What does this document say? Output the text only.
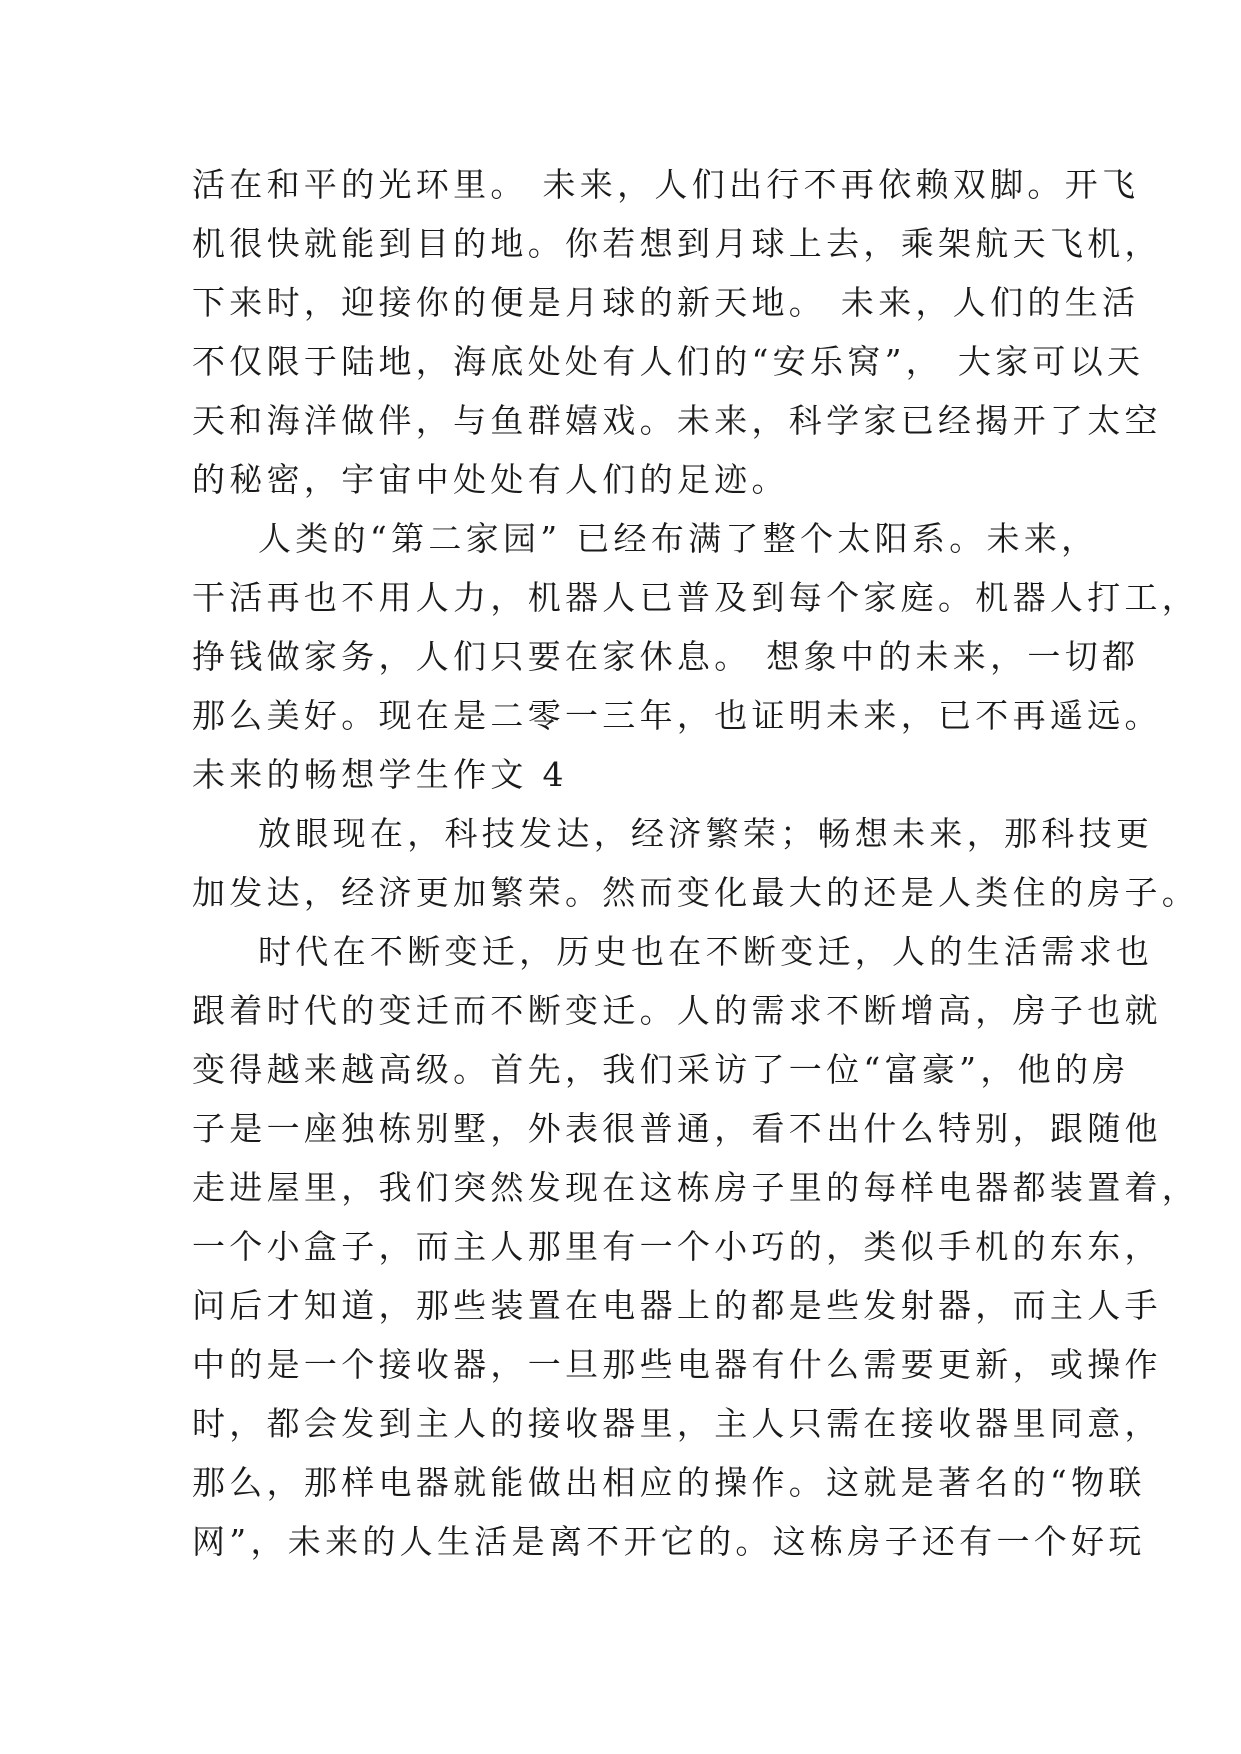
活在和平的光环里。 未来，人们出行不再依赖双脚。开飞
机很快就能到目的地。你若想到月球上去，乘架航天飞机，
下来时，迎接你的便是月球的新天地。 未来，人们的生活
不仅限于陆地，海底处处有人们的“安乐窝”， 大家可以天
天和海洋做伴，与鱼群嬉戏。未来，科学家已经揭开了太空
的秘密，宇宙中处处有人们的足迹。
人类的“第二家园” 已经布满了整个太阳系。未来，
干活再也不用人力，机器人已普及到每个家庭。机器人打工，
挣钱做家务，人们只要在家休息。 想象中的未来，一切都
那么美好。现在是二零一三年，也证明未来，已不再遥远。
未来的畅想学生作文 4
放眼现在，科技发达，经济繁荣；畅想未来，那科技更
加发达，经济更加繁荣。然而变化最大的还是人类住的房子。
时代在不断变迁，历史也在不断变迁，人的生活需求也
跟着时代的变迁而不断变迁。人的需求不断增高，房子也就
变得越来越高级。首先，我们采访了一位“富豪”，他的房
子是一座独栋别墅，外表很普通，看不出什么特别，跟随他
走进屋里，我们突然发现在这栋房子里的每样电器都装置着，
一个小盒子，而主人那里有一个小巧的，类似手机的东东，
问后才知道，那些装置在电器上的都是些发射器，而主人手
中的是一个接收器，一旦那些电器有什么需要更新，或操作
时，都会发到主人的接收器里，主人只需在接收器里同意，
那么，那样电器就能做出相应的操作。这就是著名的“物联
网”，未来的人生活是离不开它的。这栋房子还有一个好玩
